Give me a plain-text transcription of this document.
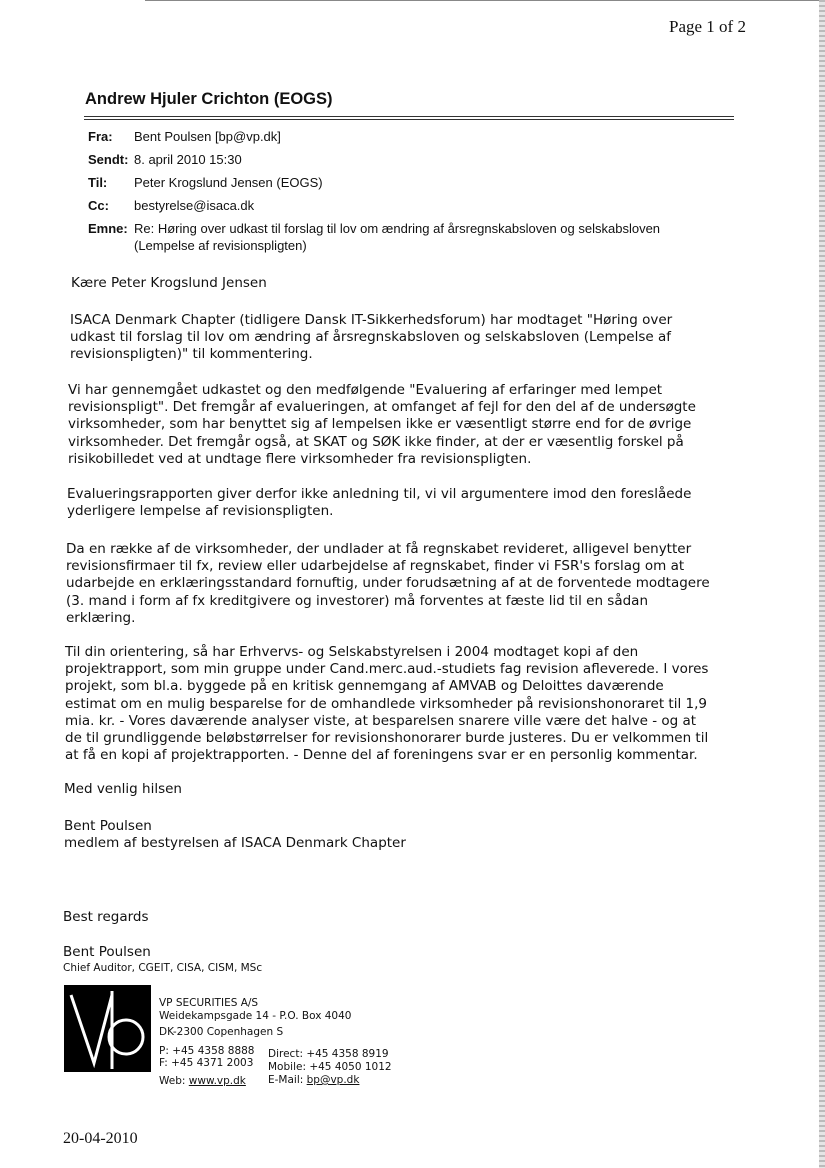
Page 1 of 2
Andrew Hjuler Crichton (EOGS)
Fra: Bent Poulsen [bp@vp.dk]
Sendt: 8. april 2010 15:30
Til: Peter Krogslund Jensen (EOGS)
Cc: bestyrelse@isaca.dk
Emne: Re: Høring over udkast til forslag til lov om ændring af årsregnskabsloven og selskabsloven
(Lempelse af revisionspligten)
Kære Peter Krogslund Jensen

ISACA Denmark Chapter (tidligere Dansk IT-Sikkerhedsforum) har modtaget "Høring over

udkast til forslag til lov om ændring af årsregnskabsloven og selskabsloven (Lempelse af

revisionspligten)" til kommentering.

Vi har gennemgået udkastet og den medfølgende "Evaluering af erfaringer med lempet

revisionspligt". Det fremgår af evalueringen, at omfanget af fejl for den del af de undersøgte

virksomheder, som har benyttet sig af lempelsen ikke er væsentligt større end for de øvrige

virksomheder. Det fremgår også, at SKAT og SØK ikke finder, at der er væsentlig forskel på

risikobilledet ved at undtage flere virksomheder fra revisionspligten.

Evalueringsrapporten giver derfor ikke anledning til, vi vil argumentere imod den foreslåede

yderligere lempelse af revisionspligten.

Da en række af de virksomheder, der undlader at få regnskabet revideret, alligevel benytter

revisionsfirmaer til fx, review eller udarbejdelse af regnskabet, finder vi FSR's forslag om at

udarbejde en erklæringsstandard fornuftig, under forudsætning af at de forventede modtagere

(3. mand i form af fx kreditgivere og investorer) må forventes at fæste lid til en sådan

erklæring.

Til din orientering, så har Erhvervs- og Selskabstyrelsen i 2004 modtaget kopi af den

projektrapport, som min gruppe under Cand.merc.aud.-studiets fag revision afleverede. I vores

projekt, som bl.a. byggede på en kritisk gennemgang af AMVAB og Deloittes daværende

estimat om en mulig besparelse for de omhandlede virksomheder på revisionshonoraret til 1,9

mia. kr. - Vores daværende analyser viste, at besparelsen snarere ville være det halve - og at

de til grundliggende beløbstørrelser for revisionshonorarer burde justeres. Du er velkommen til

at få en kopi af projektrapporten. - Denne del af foreningens svar er en personlig kommentar.

Med venlig hilsen

Bent Poulsen

medlem af bestyrelsen af ISACA Denmark Chapter

Best regards
Bent Poulsen
Chief Auditor, CGEIT, CISA, CISM, MSc
VP SECURITIES A/S
Weidekampsgade 14 - P.O. Box 4040
DK-2300 Copenhagen S
P: +45 4358 8888
F: +45 4371 2003
Web: www.vp.dk
Direct: +45 4358 8919
Mobile: +45 4050 1012
E-Mail: bp@vp.dk
20-04-2010
